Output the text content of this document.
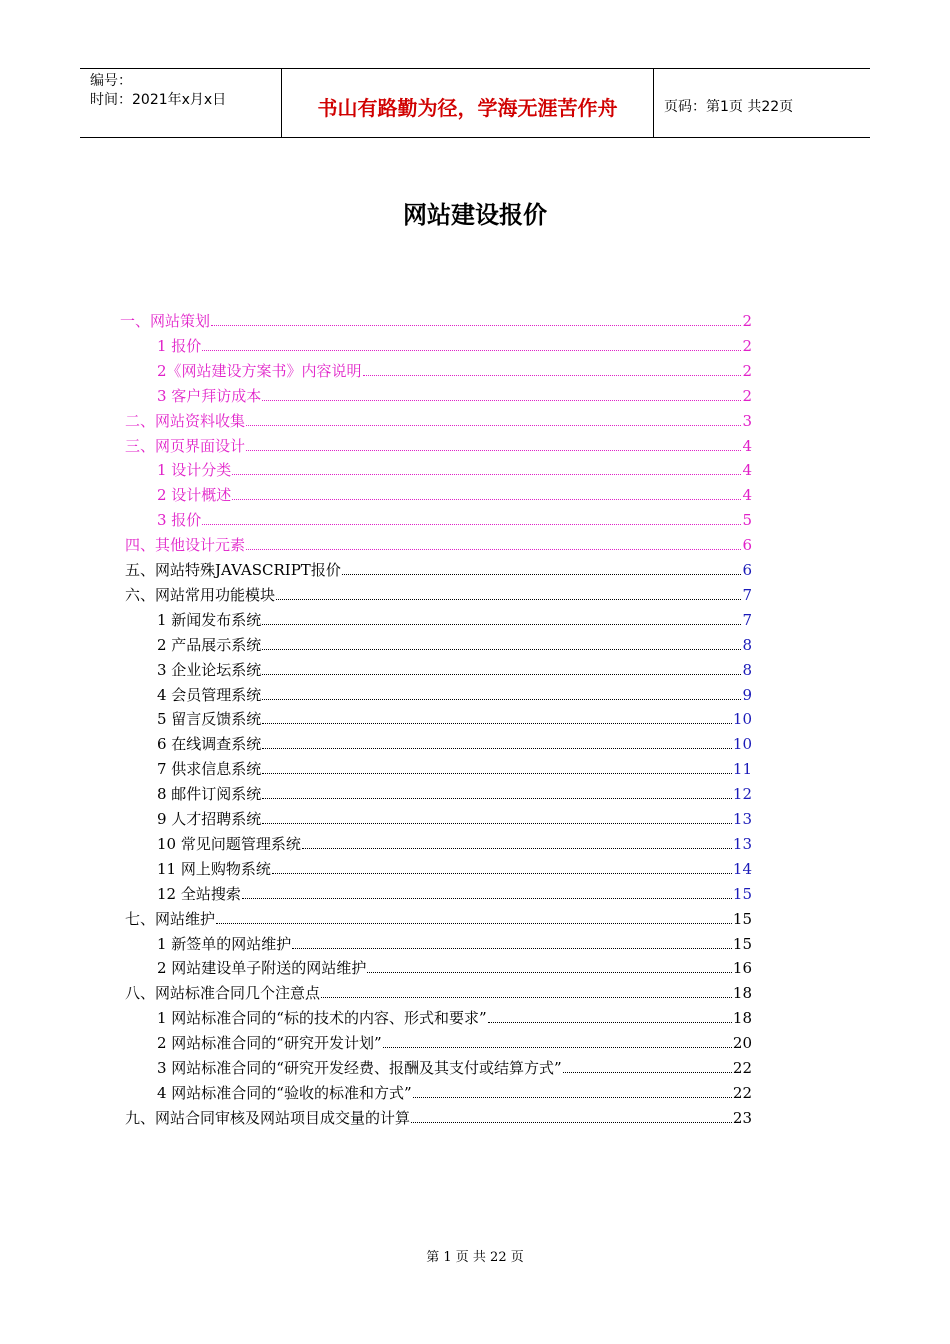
编号：
时间：2021年x月x日	书山有路勤为径，学海无涯苦作舟	页码：第1页 共22页
网站建设报价
一、网站策划	2
1 报价	2
2《网站建设方案书》内容说明	2
3 客户拜访成本	2
二、网站资料收集	3
三、网页界面设计	4
1 设计分类	4
2 设计概述	4
3 报价	5
四、其他设计元素	6
五、网站特殊JAVASCRIPT报价	6
六、网站常用功能模块	7
1 新闻发布系统	7
2 产品展示系统	8
3 企业论坛系统	8
4 会员管理系统	9
5 留言反馈系统	10
6 在线调查系统	10
7 供求信息系统	11
8 邮件订阅系统	12
9 人才招聘系统	13
10 常见问题管理系统	13
11 网上购物系统	14
12 全站搜索	15
七、网站维护	15
1 新签单的网站维护	15
2 网站建设单子附送的网站维护	16
八、网站标准合同几个注意点	18
1 网站标准合同的“标的技术的内容、形式和要求”	18
2 网站标准合同的“研究开发计划”	20
3 网站标准合同的“研究开发经费、报酬及其支付或结算方式”	22
4 网站标准合同的“验收的标准和方式”	22
九、网站合同审核及网站项目成交量的计算	23
第 1 页 共 22 页
